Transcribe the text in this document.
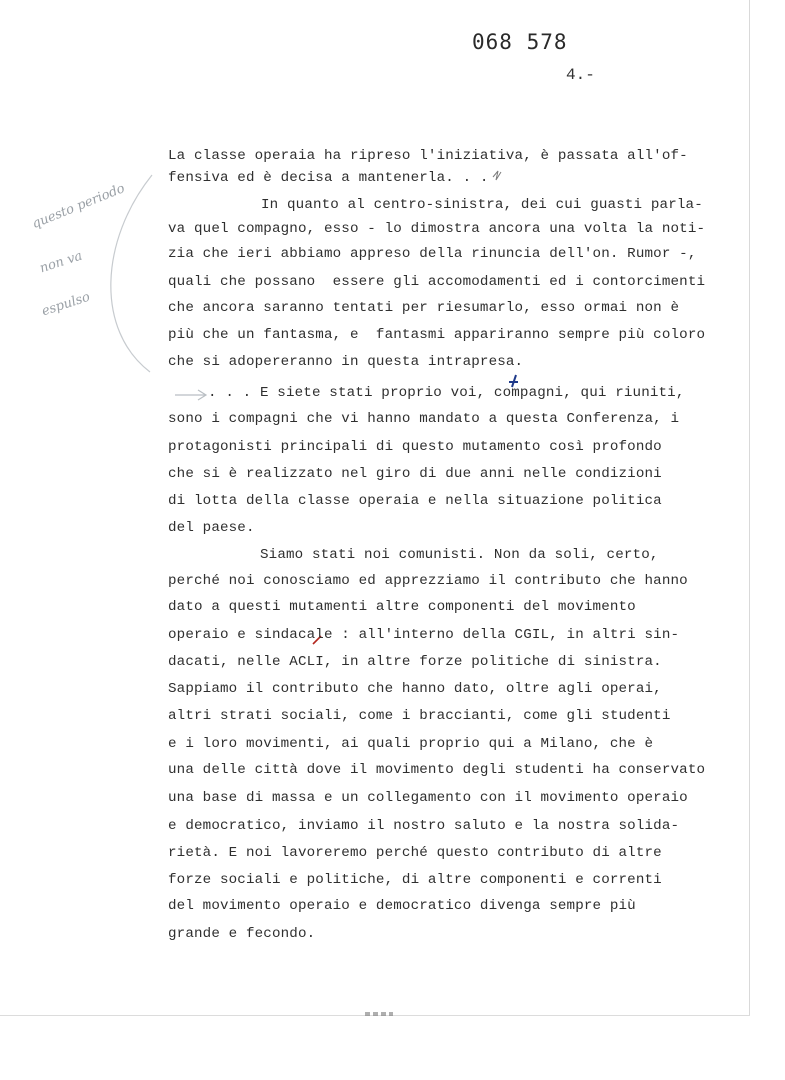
068 578
4.-
questo periodo
non va
espulso
La classe operaia ha ripreso l'iniziativa, è passata all'of-
fensiva ed è decisa a mantenerla. . .
In quanto al centro-sinistra, dei cui guasti parla-
va quel compagno, esso - lo dimostra ancora una volta la noti-
zia che ieri abbiamo appreso della rinuncia dell'on. Rumor -,
quali che possano  essere gli accomodamenti ed i contorcimenti
che ancora saranno tentati per riesumarlo, esso ormai non è
più che un fantasma, e  fantasmi appariranno sempre più coloro
che si adopereranno in questa intrapresa.
. . . E siete stati proprio voi, compagni, qui riuniti,
sono i compagni che vi hanno mandato a questa Conferenza, i
protagonisti principali di questo mutamento così profondo
che si è realizzato nel giro di due anni nelle condizioni
di lotta della classe operaia e nella situazione politica
del paese.
Siamo stati noi comunisti. Non da soli, certo,
perché noi conosciamo ed apprezziamo il contributo che hanno
dato a questi mutamenti altre componenti del movimento
operaio e sindacale : all'interno della CGIL, in altri sin-
dacati, nelle ACLI, in altre forze politiche di sinistra.
Sappiamo il contributo che hanno dato, oltre agli operai,
altri strati sociali, come i braccianti, come gli studenti
e i loro movimenti, ai quali proprio qui a Milano, che è
una delle città dove il movimento degli studenti ha conservato
una base di massa e un collegamento con il movimento operaio
e democratico, inviamo il nostro saluto e la nostra solida-
rietà. E noi lavoreremo perché questo contributo di altre
forze sociali e politiche, di altre componenti e correnti
del movimento operaio e democratico divenga sempre più
grande e fecondo.
